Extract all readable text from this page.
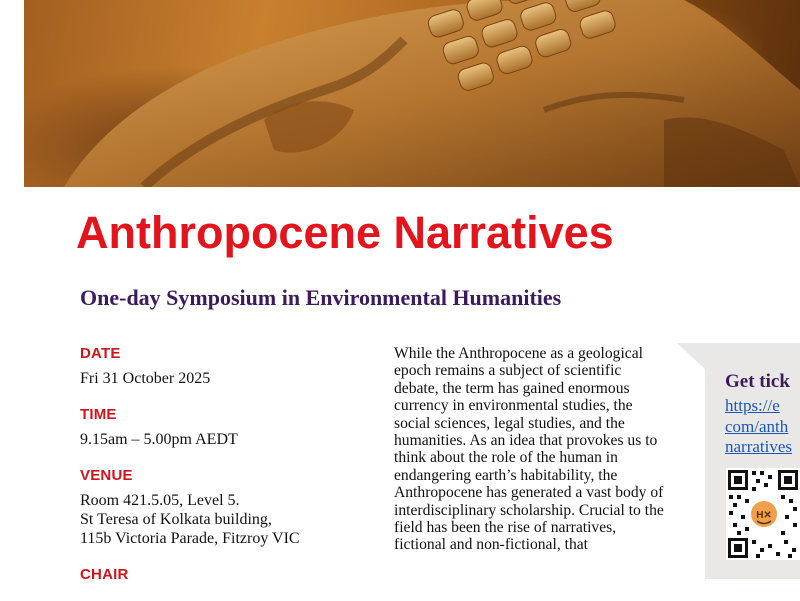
Anthropocene Narratives
One-day Symposium in Environmental Humanities

DATE

Fri 31 October 2025

TIME

9.15am – 5.00pm AEDT

VENUE

Room 421.5.05, Level 5.

St Teresa of Kolkata building,

115b Victoria Parade, Fitzroy VIC

CHAIR

While the Anthropocene as a geological epoch remains a subject of scientific debate, the term has gained enormous currency in environmental studies, the social sciences, legal studies, and the humanities. As an idea that provokes us to think about the role of the human in endangering earth’s habitability, the Anthropocene has generated a vast body of interdisciplinary scholarship. Crucial to the field has been the rise of narratives, fictional and non-fictional, that

Get tick

https://e
com/anth
narratives
H✕
